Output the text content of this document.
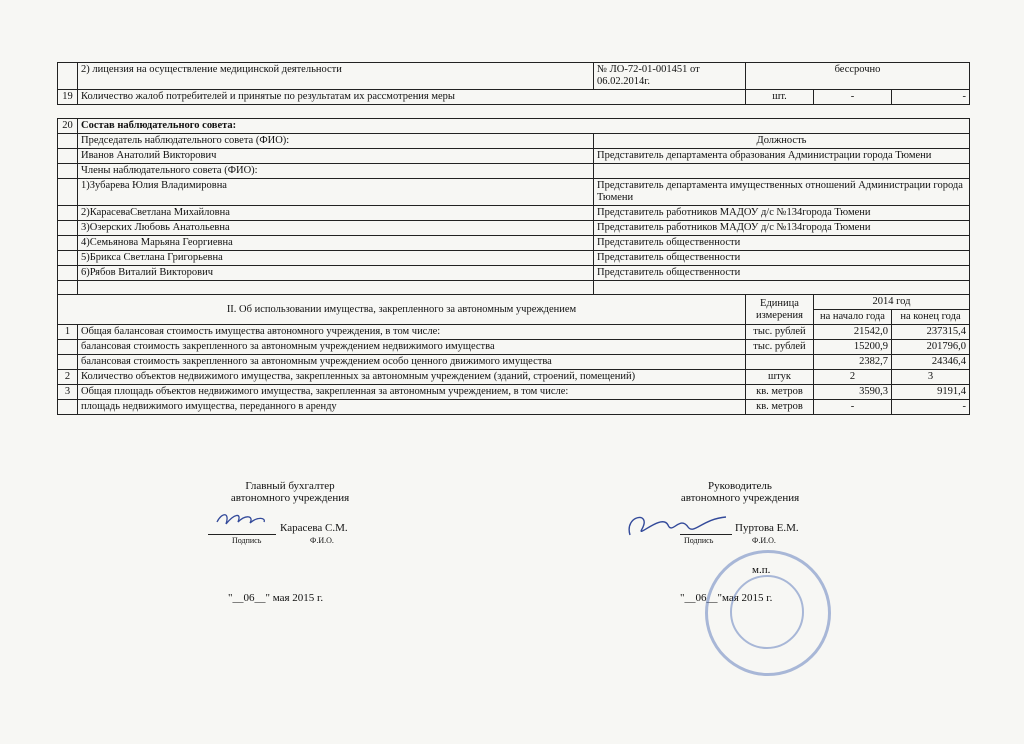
	2) лицензия на осуществление медицинской деятельности	№ ЛО-72-01-001451 от 06.02.2014г.	бессрочно		
19	Количество жалоб потребителей и принятые по результатам их рассмотрения меры		шт.	-	-

20	Состав наблюдательного совета:				
	Председатель наблюдательного совета (ФИО):	Должность			
	Иванов Анатолий Викторович	Представитель департамента образования Администрации города Тюмени			
	Члены наблюдательного совета (ФИО):				
	1)Зубарева Юлия Владимировна	Представитель департамента имущественных отношений Администрации города Тюмени			
	2)КарасеваСветлана Михайловна	Представитель работников МАДОУ д/с №134города Тюмени			
	3)Озерских Любовь Анатольевна	Представитель работников МАДОУ д/с №134города Тюмени			
	4)Семьянова Марьяна Георгиевна	Представитель общественности			
	5)Брикса Светлана Григорьевна	Представитель общественности			
	6)Рябов Виталий Викторович	Представитель общественности			

II. Об использовании имущества, закрепленного за автономным учреждением			Единица измерения	2014 год	
				на начало года	на конец года
1	Общая балансовая стоимость имущества автономного учреждения, в том числе:		тыс. рублей	21542,0	237315,4
	балансовая стоимость закрепленного за автономным учреждением недвижимого имущества		тыс. рублей	15200,9	201796,0
	балансовая стоимость закрепленного за автономным учреждением особо ценного движимого имущества			2382,7	24346,4
2	Количество объектов недвижимого имущества, закрепленных за автономным учреждением (зданий, строений, помещений)		штук	2	3
3	Общая площадь объектов недвижимого имущества, закрепленная за автономным учреждением, в том числе:		кв. метров	3590,3	9191,4
	площадь недвижимого имущества, переданного в аренду		кв. метров	-	-
Главный бухгалтер
автономного учреждения
Карасева С.М.
Подпись	Ф.И.О.
"__06__" мая 2015 г.
Руководитель
автономного учреждения
Пуртова Е.М.
Подпись	Ф.И.О.
м.п.
"__06__"мая 2015 г.
